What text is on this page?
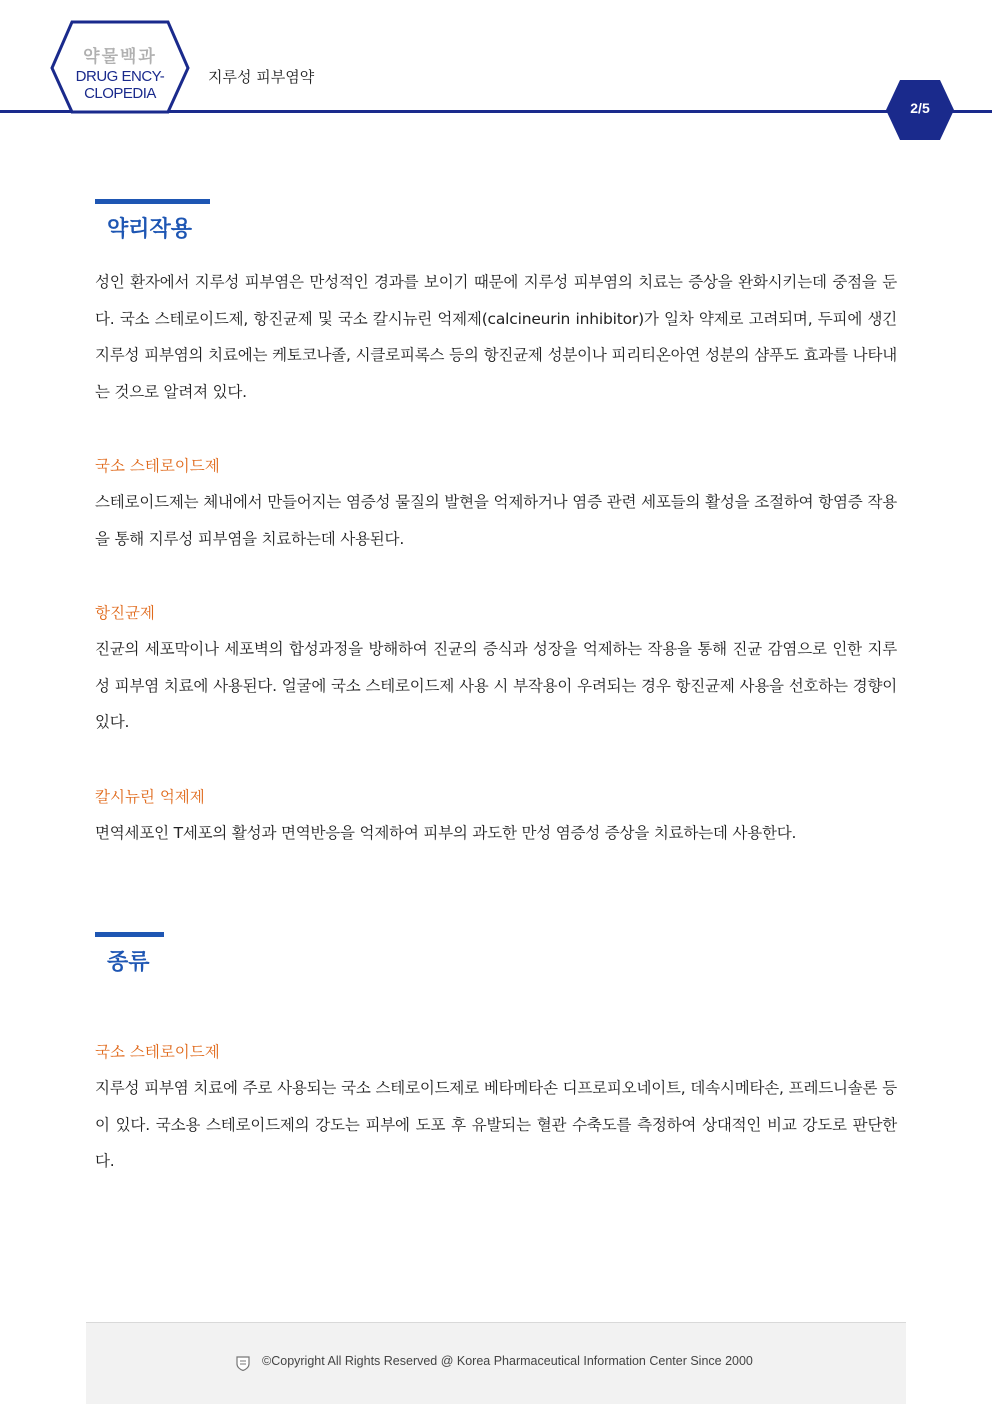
약물백과
DRUG ENCY-
CLOPEDIA
지루성 피부염약
2/5
약리작용
성인 환자에서 지루성 피부염은 만성적인 경과를 보이기 때문에 지루성 피부염의 치료는 증상을 완화시키는데 중점을 둔다. 국소 스테로이드제, 항진균제 및 국소 칼시뉴린 억제제(calcineurin inhibitor)가 일차 약제로 고려되며, 두피에 생긴 지루성 피부염의 치료에는 케토코나졸, 시클로피록스 등의 항진균제 성분이나 피리티온아연 성분의 샴푸도 효과를 나타내는 것으로 알려져 있다.
국소 스테로이드제
스테로이드제는 체내에서 만들어지는 염증성 물질의 발현을 억제하거나 염증 관련 세포들의 활성을 조절하여 항염증 작용을 통해 지루성 피부염을 치료하는데 사용된다.
항진균제
진균의 세포막이나 세포벽의 합성과정을 방해하여 진균의 증식과 성장을 억제하는 작용을 통해 진균 감염으로 인한 지루성 피부염 치료에 사용된다. 얼굴에 국소 스테로이드제 사용 시 부작용이 우려되는 경우 항진균제 사용을 선호하는 경향이 있다.
칼시뉴린 억제제
면역세포인 T세포의 활성과 면역반응을 억제하여 피부의 과도한 만성 염증성 증상을 치료하는데 사용한다.
종류
국소 스테로이드제
지루성 피부염 치료에 주로 사용되는 국소 스테로이드제로 베타메타손 디프로피오네이트, 데속시메타손, 프레드니솔론 등이 있다. 국소용 스테로이드제의 강도는 피부에 도포 후 유발되는 혈관 수축도를 측정하여 상대적인 비교 강도로 판단한다.
©Copyright All Rights Reserved @ Korea Pharmaceutical Information Center Since 2000
